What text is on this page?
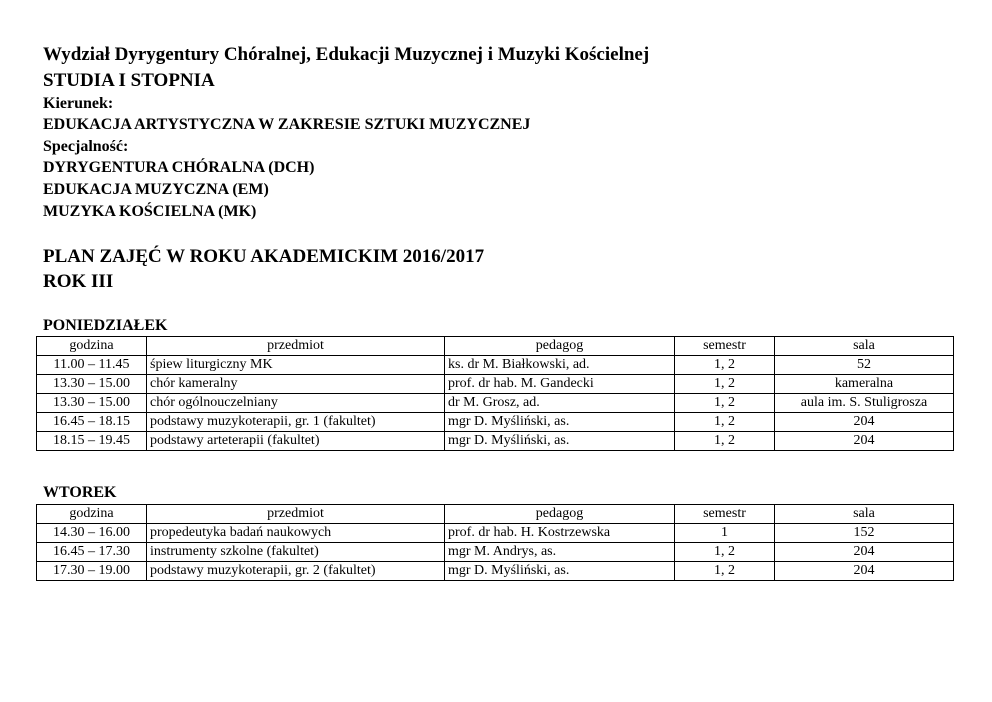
Wydział Dyrygentury Chóralnej, Edukacji Muzycznej i Muzyki Kościelnej
STUDIA I STOPNIA
Kierunek:
EDUKACJA ARTYSTYCZNA W ZAKRESIE SZTUKI MUZYCZNEJ
Specjalność:
DYRYGENTURA CHÓRALNA (DCH)
EDUKACJA MUZYCZNA (EM)
MUZYKA KOŚCIELNA (MK)
PLAN ZAJĘĆ W ROKU AKADEMICKIM 2016/2017
ROK III
PONIEDZIAŁEK
godzina	przedmiot	pedagog	semestr	sala
11.00 – 11.45	śpiew liturgiczny MK	ks. dr M. Białkowski, ad.	1, 2	52
13.30 – 15.00	chór kameralny	prof. dr hab. M. Gandecki	1, 2	kameralna
13.30 – 15.00	chór ogólnouczelniany	dr M. Grosz, ad.	1, 2	aula im. S. Stuligrosza
16.45 – 18.15	podstawy muzykoterapii, gr. 1 (fakultet)	mgr D. Myśliński, as.	1, 2	204
18.15 – 19.45	podstawy arteterapii (fakultet)	mgr D. Myśliński, as.	1, 2	204
WTOREK
godzina	przedmiot	pedagog	semestr	sala
14.30 – 16.00	propedeutyka badań naukowych	prof. dr hab. H. Kostrzewska	1	152
16.45 – 17.30	instrumenty szkolne (fakultet)	mgr M. Andrys, as.	1, 2	204
17.30 – 19.00	podstawy muzykoterapii, gr. 2 (fakultet)	mgr D. Myśliński, as.	1, 2	204
